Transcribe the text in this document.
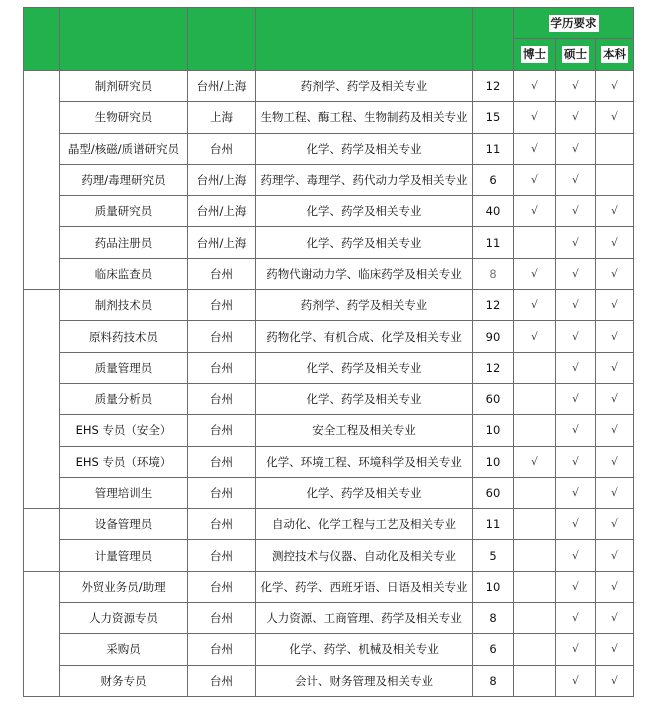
					学历要求		
					博士	硕士	本科
	制剂研究员	台州/上海	药剂学、药学及相关专业	12	√	√	√
	生物研究员	上海	生物工程、酶工程、生物制药及相关专业	15	√	√	√
	晶型/核磁/质谱研究员	台州	化学、药学及相关专业	11	√	√	
	药理/毒理研究员	台州/上海	药理学、毒理学、药代动力学及相关专业	6	√	√	
	质量研究员	台州/上海	化学、药学及相关专业	40	√	√	√
	药品注册员	台州/上海	化学、药学及相关专业	11		√	√
	临床监查员	台州	药物代谢动力学、临床药学及相关专业	8	√	√	√
	制剂技术员	台州	药剂学、药学及相关专业	12	√	√	√
	原料药技术员	台州	药物化学、有机合成、化学及相关专业	90	√	√	√
	质量管理员	台州	化学、药学及相关专业	12		√	√
	质量分析员	台州	化学、药学及相关专业	60		√	√
	EHS 专员（安全）	台州	安全工程及相关专业	10		√	√
	EHS 专员（环境）	台州	化学、环境工程、环境科学及相关专业	10	√	√	√
	管理培训生	台州	化学、药学及相关专业	60		√	√
	设备管理员	台州	自动化、化学工程与工艺及相关专业	11		√	√
	计量管理员	台州	测控技术与仪器、自动化及相关专业	5		√	√
	外贸业务员/助理	台州	化学、药学、西班牙语、日语及相关专业	10		√	√
	人力资源专员	台州	人力资源、工商管理、药学及相关专业	8		√	√
	采购员	台州	化学、药学、机械及相关专业	6		√	√
	财务专员	台州	会计、财务管理及相关专业	8		√	√
